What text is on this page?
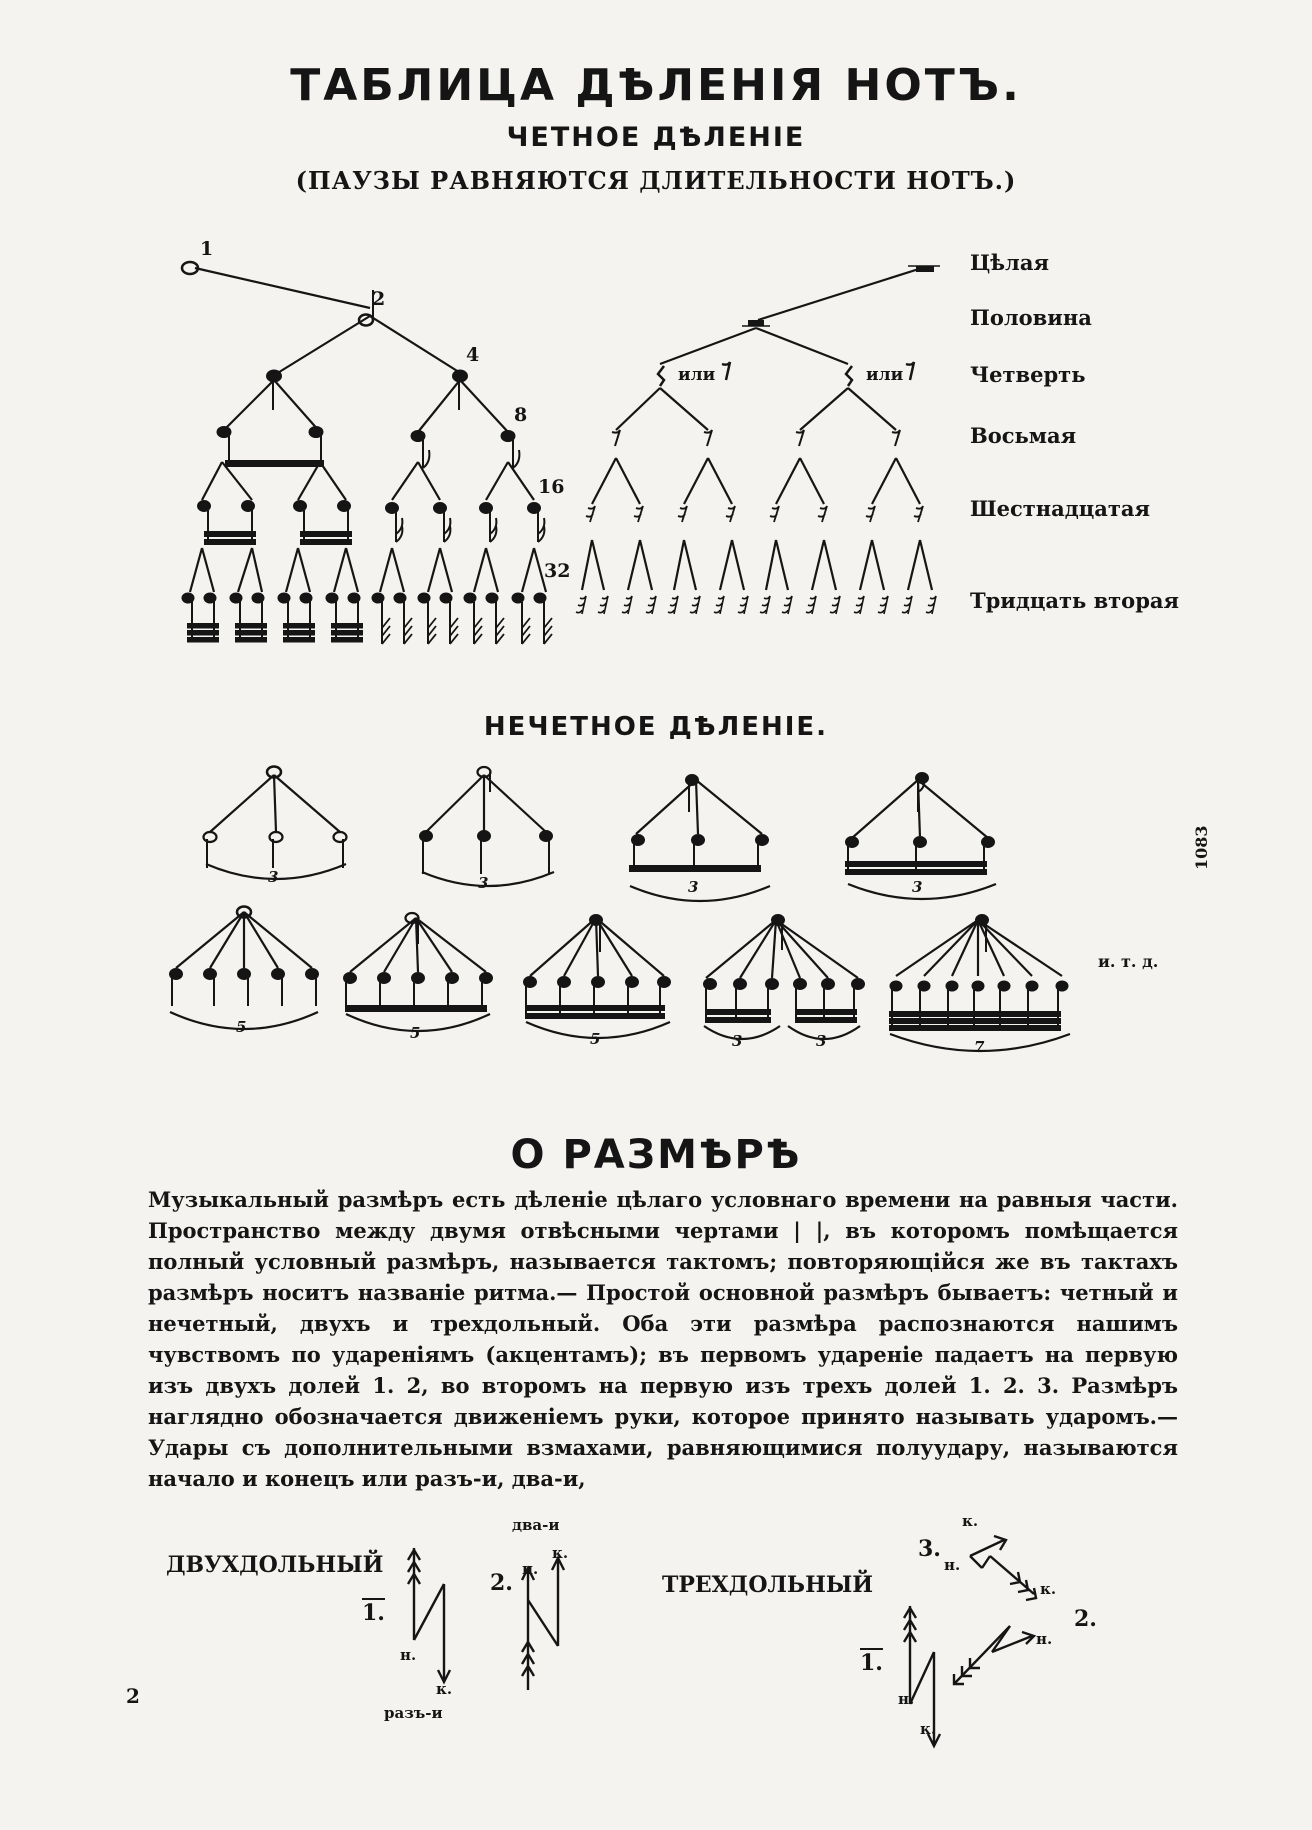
ТАБЛИЦА ДѢЛЕНІЯ НОТЪ.
ЧЕТНОЕ ДѢЛЕНІЕ
(ПАУЗЫ РАВНЯЮТСЯ ДЛИТЕЛЬНОСТИ НОТЪ.)
Цѣлая
Половина
Четверть
Восьмая
Шестнадцатая
Тридцать вторая
1
2
4
8
16
32
или	или
3	3	3	3
5	5	5	3	3	7
НЕЧЕТНОЕ ДѢЛЕНІЕ.
и. т. д.
1083
О РАЗМѢРѢ

Музыкальный размѣръ есть дѣленіе цѣлаго условнаго времени на равныя части. Пространство между двумя отвѣсными чертами | |, въ которомъ помѣщается полный условный размѣръ, называется тактомъ; повторяющійся же въ тактахъ размѣръ носитъ названіе ритма.— Простой основной размѣръ бываетъ: четный и нечетный, двухъ и трехдольный. Оба эти размѣра распознаются нашимъ чувствомъ по удареніямъ (акцентамъ); въ первомъ удареніе падаетъ на первую изъ двухъ долей 1. 2, во второмъ на первую изъ трехъ долей 1. 2. 3. Размѣръ наглядно обозначается движеніемъ руки, которое принято называть ударомъ.— Удары съ дополнительными взмахами, равняющимися полуудару, называются начало и конецъ или разъ-и, два-и,

ДВУХДОЛЬНЫЙ
ТРЕХДОЛЬНЫЙ
1.
2.
н.
к.
разъ-и
два-и
н.
к.
1.
2.
3.
н.
к.
н.
к.
н.
к.
2
